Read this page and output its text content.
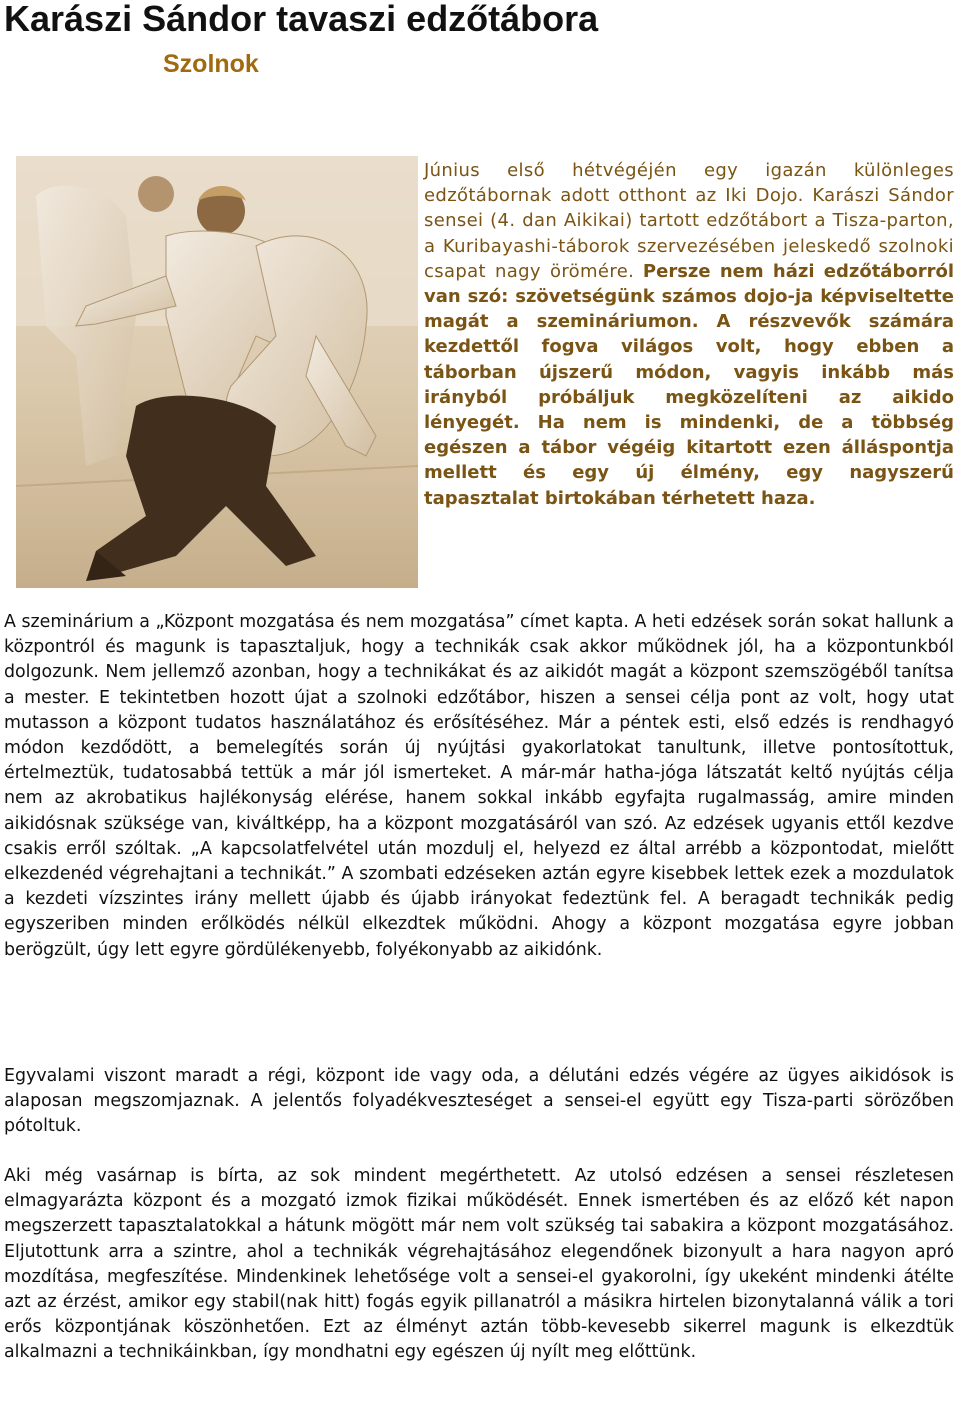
Karászi Sándor tavaszi edzőtábora
Szolnok

Június első hétvégéjén egy igazán különleges edzőtábornak adott otthont az Iki Dojo. Karászi Sándor sensei (4. dan Aikikai) tartott edzőtábort a Tisza-parton, a Kuribayashi-táborok szervezésében jeleskedő szolnoki csapat nagy örömére. Persze nem házi edzőtáborról van szó: szövetségünk számos dojo-ja képviseltette magát a szemináriumon. A részvevők számára kezdettől fogva világos volt, hogy ebben a táborban újszerű módon, vagyis inkább más irányból próbáljuk megközelíteni az aikido lényegét. Ha nem is mindenki, de a többség egészen a tábor végéig kitartott ezen álláspontja mellett és egy új élmény, egy nagyszerű tapasztalat birtokában térhetett haza.

A szeminárium a „Központ mozgatása és nem mozgatása” címet kapta. A heti edzések során sokat hallunk a központról és magunk is tapasztaljuk, hogy a technikák csak akkor működnek jól, ha a központunkból dolgozunk. Nem jellemző azonban, hogy a technikákat és az aikidót magát a központ szemszögéből tanítsa a mester. E tekintetben hozott újat a szolnoki edzőtábor, hiszen a sensei célja pont az volt, hogy utat mutasson a központ tudatos használatához és erősítéséhez. Már a péntek esti, első edzés is rendhagyó módon kezdődött, a bemelegítés során új nyújtási gyakorlatokat tanultunk, illetve pontosítottuk, értelmeztük, tudatosabbá tettük a már jól ismerteket. A már-már hatha-jóga látszatát keltő nyújtás célja nem az akrobatikus hajlékonyság elérése, hanem sokkal inkább egyfajta rugalmasság, amire minden aikidósnak szüksége van, kiváltképp, ha a központ mozgatásáról van szó. Az edzések ugyanis ettől kezdve csakis erről szóltak. „A kapcsolatfelvétel után mozdulj el, helyezd ez által arrébb a központodat, mielőtt elkezdenéd végrehajtani a technikát.” A szombati edzéseken aztán egyre kisebbek lettek ezek a mozdulatok a kezdeti vízszintes irány mellett újabb és újabb irányokat fedeztünk fel. A beragadt technikák pedig egyszeriben minden erőlködés nélkül elkezdtek működni. Ahogy a központ mozgatása egyre jobban berögzült, úgy lett egyre gördülékenyebb, folyékonyabb az aikidónk.

Egyvalami viszont maradt a régi, központ ide vagy oda, a délutáni edzés végére az ügyes aikidósok is alaposan megszomjaznak. A jelentős folyadékveszteséget a sensei-el együtt egy Tisza-parti sörözőben pótoltuk.

Aki még vasárnap is bírta, az sok mindent megérthetett. Az utolsó edzésen a sensei részletesen elmagyarázta központ és a mozgató izmok fizikai működését. Ennek ismertében és az előző két napon megszerzett tapasztalatokkal a hátunk mögött már nem volt szükség tai sabakira a központ mozgatásához. Eljutottunk arra a szintre, ahol a technikák végrehajtásához elegendőnek bizonyult a hara nagyon apró mozdítása, megfeszítése. Mindenkinek lehetősége volt a sensei-el gyakorolni, így ukeként mindenki átélte azt az érzést, amikor egy stabil(nak hitt) fogás egyik pillanatról a másikra hirtelen bizonytalanná válik a tori erős központjának köszönhetően. Ezt az élményt aztán több-kevesebb sikerrel magunk is elkezdtük alkalmazni a technikáinkban, így mondhatni egy egészen új nyílt meg előttünk.
